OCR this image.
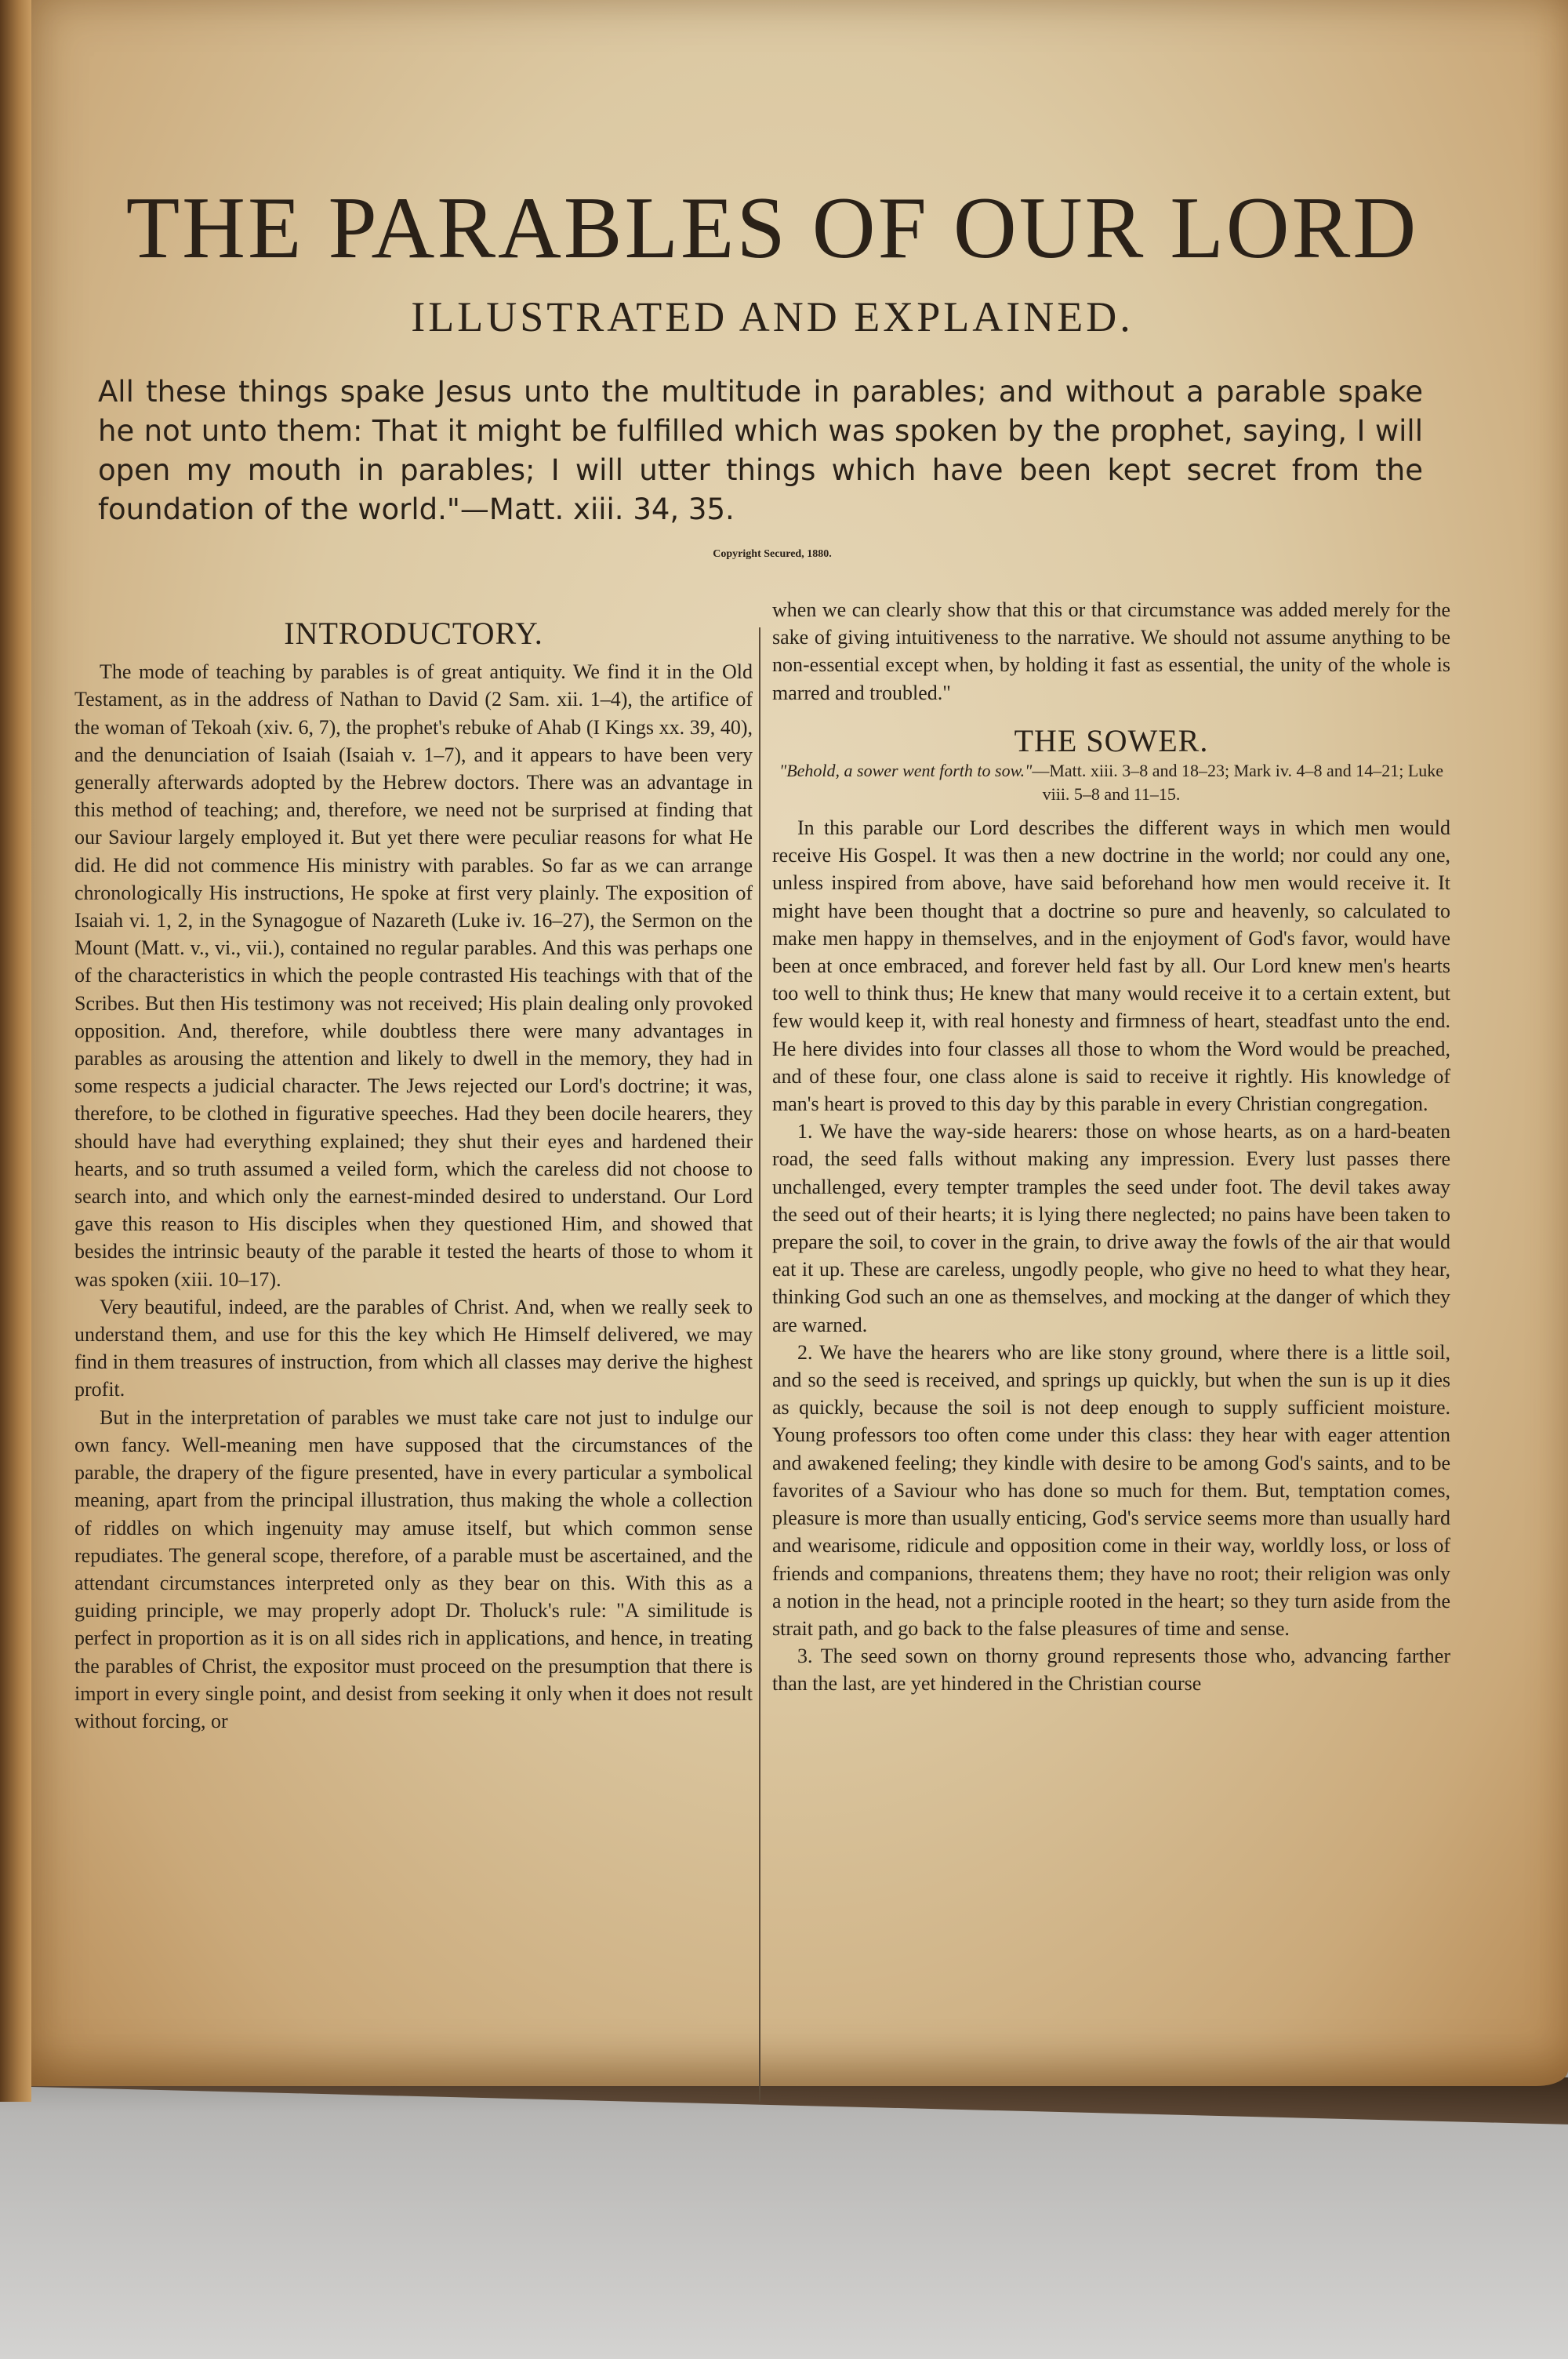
THE PARABLES OF OUR LORD
ILLUSTRATED AND EXPLAINED.
All these things spake Jesus unto the multitude in parables; and without a parable spake he not unto them: That it might be fulfilled which was spoken by the prophet, saying, I will open my mouth in parables; I will utter things which have been kept secret from the foundation of the world."—Matt. xiii. 34, 35.
Copyright Secured, 1880.
INTRODUCTORY.

The mode of teaching by parables is of great antiquity. We find it in the Old Testament, as in the address of Nathan to David (2 Sam. xii. 1–4), the artifice of the woman of Tekoah (xiv. 6, 7), the prophet's rebuke of Ahab (I Kings xx. 39, 40), and the denunciation of Isaiah (Isaiah v. 1–7), and it appears to have been very generally afterwards adopted by the Hebrew doctors. There was an advantage in this method of teaching; and, therefore, we need not be surprised at finding that our Saviour largely employed it. But yet there were peculiar reasons for what He did. He did not commence His ministry with parables. So far as we can arrange chronologically His instructions, He spoke at first very plainly. The exposition of Isaiah vi. 1, 2, in the Synagogue of Nazareth (Luke iv. 16–27), the Sermon on the Mount (Matt. v., vi., vii.), contained no regular parables. And this was perhaps one of the characteristics in which the people contrasted His teachings with that of the Scribes. But then His testimony was not received; His plain dealing only provoked opposition. And, therefore, while doubtless there were many advantages in parables as arousing the attention and likely to dwell in the memory, they had in some respects a judicial character. The Jews rejected our Lord's doctrine; it was, therefore, to be clothed in figurative speeches. Had they been docile hearers, they should have had everything explained; they shut their eyes and hardened their hearts, and so truth assumed a veiled form, which the careless did not choose to search into, and which only the earnest-minded desired to understand. Our Lord gave this reason to His disciples when they questioned Him, and showed that besides the intrinsic beauty of the parable it tested the hearts of those to whom it was spoken (xiii. 10–17).

Very beautiful, indeed, are the parables of Christ. And, when we really seek to understand them, and use for this the key which He Himself delivered, we may find in them treasures of instruction, from which all classes may derive the highest profit.

But in the interpretation of parables we must take care not just to indulge our own fancy. Well-meaning men have supposed that the circumstances of the parable, the drapery of the figure presented, have in every particular a symbolical meaning, apart from the principal illustration, thus making the whole a collection of riddles on which ingenuity may amuse itself, but which common sense repudiates. The general scope, therefore, of a parable must be ascertained, and the attendant circumstances interpreted only as they bear on this. With this as a guiding principle, we may properly adopt Dr. Tholuck's rule: "A similitude is perfect in proportion as it is on all sides rich in applications, and hence, in treating the parables of Christ, the expositor must proceed on the presumption that there is import in every single point, and desist from seeking it only when it does not result without forcing, or

when we can clearly show that this or that circumstance was added merely for the sake of giving intuitiveness to the narrative. We should not assume anything to be non-essential except when, by holding it fast as essential, the unity of the whole is marred and troubled."

THE SOWER.
"Behold, a sower went forth to sow."—Matt. xiii. 3–8 and 18–23; Mark iv. 4–8 and 14–21; Luke viii. 5–8 and 11–15.

In this parable our Lord describes the different ways in which men would receive His Gospel. It was then a new doctrine in the world; nor could any one, unless inspired from above, have said beforehand how men would receive it. It might have been thought that a doctrine so pure and heavenly, so calculated to make men happy in themselves, and in the enjoyment of God's favor, would have been at once embraced, and forever held fast by all. Our Lord knew men's hearts too well to think thus; He knew that many would receive it to a certain extent, but few would keep it, with real honesty and firmness of heart, steadfast unto the end. He here divides into four classes all those to whom the Word would be preached, and of these four, one class alone is said to receive it rightly. His knowledge of man's heart is proved to this day by this parable in every Christian congregation.

1. We have the way-side hearers: those on whose hearts, as on a hard-beaten road, the seed falls without making any impression. Every lust passes there unchallenged, every tempter tramples the seed under foot. The devil takes away the seed out of their hearts; it is lying there neglected; no pains have been taken to prepare the soil, to cover in the grain, to drive away the fowls of the air that would eat it up. These are careless, ungodly people, who give no heed to what they hear, thinking God such an one as themselves, and mocking at the danger of which they are warned.

2. We have the hearers who are like stony ground, where there is a little soil, and so the seed is received, and springs up quickly, but when the sun is up it dies as quickly, because the soil is not deep enough to supply sufficient moisture. Young professors too often come under this class: they hear with eager attention and awakened feeling; they kindle with desire to be among God's saints, and to be favorites of a Saviour who has done so much for them. But, temptation comes, pleasure is more than usually enticing, God's service seems more than usually hard and wearisome, ridicule and opposition come in their way, worldly loss, or loss of friends and companions, threatens them; they have no root; their religion was only a notion in the head, not a principle rooted in the heart; so they turn aside from the strait path, and go back to the false pleasures of time and sense.

3. The seed sown on thorny ground represents those who, advancing farther than the last, are yet hindered in the Christian course
